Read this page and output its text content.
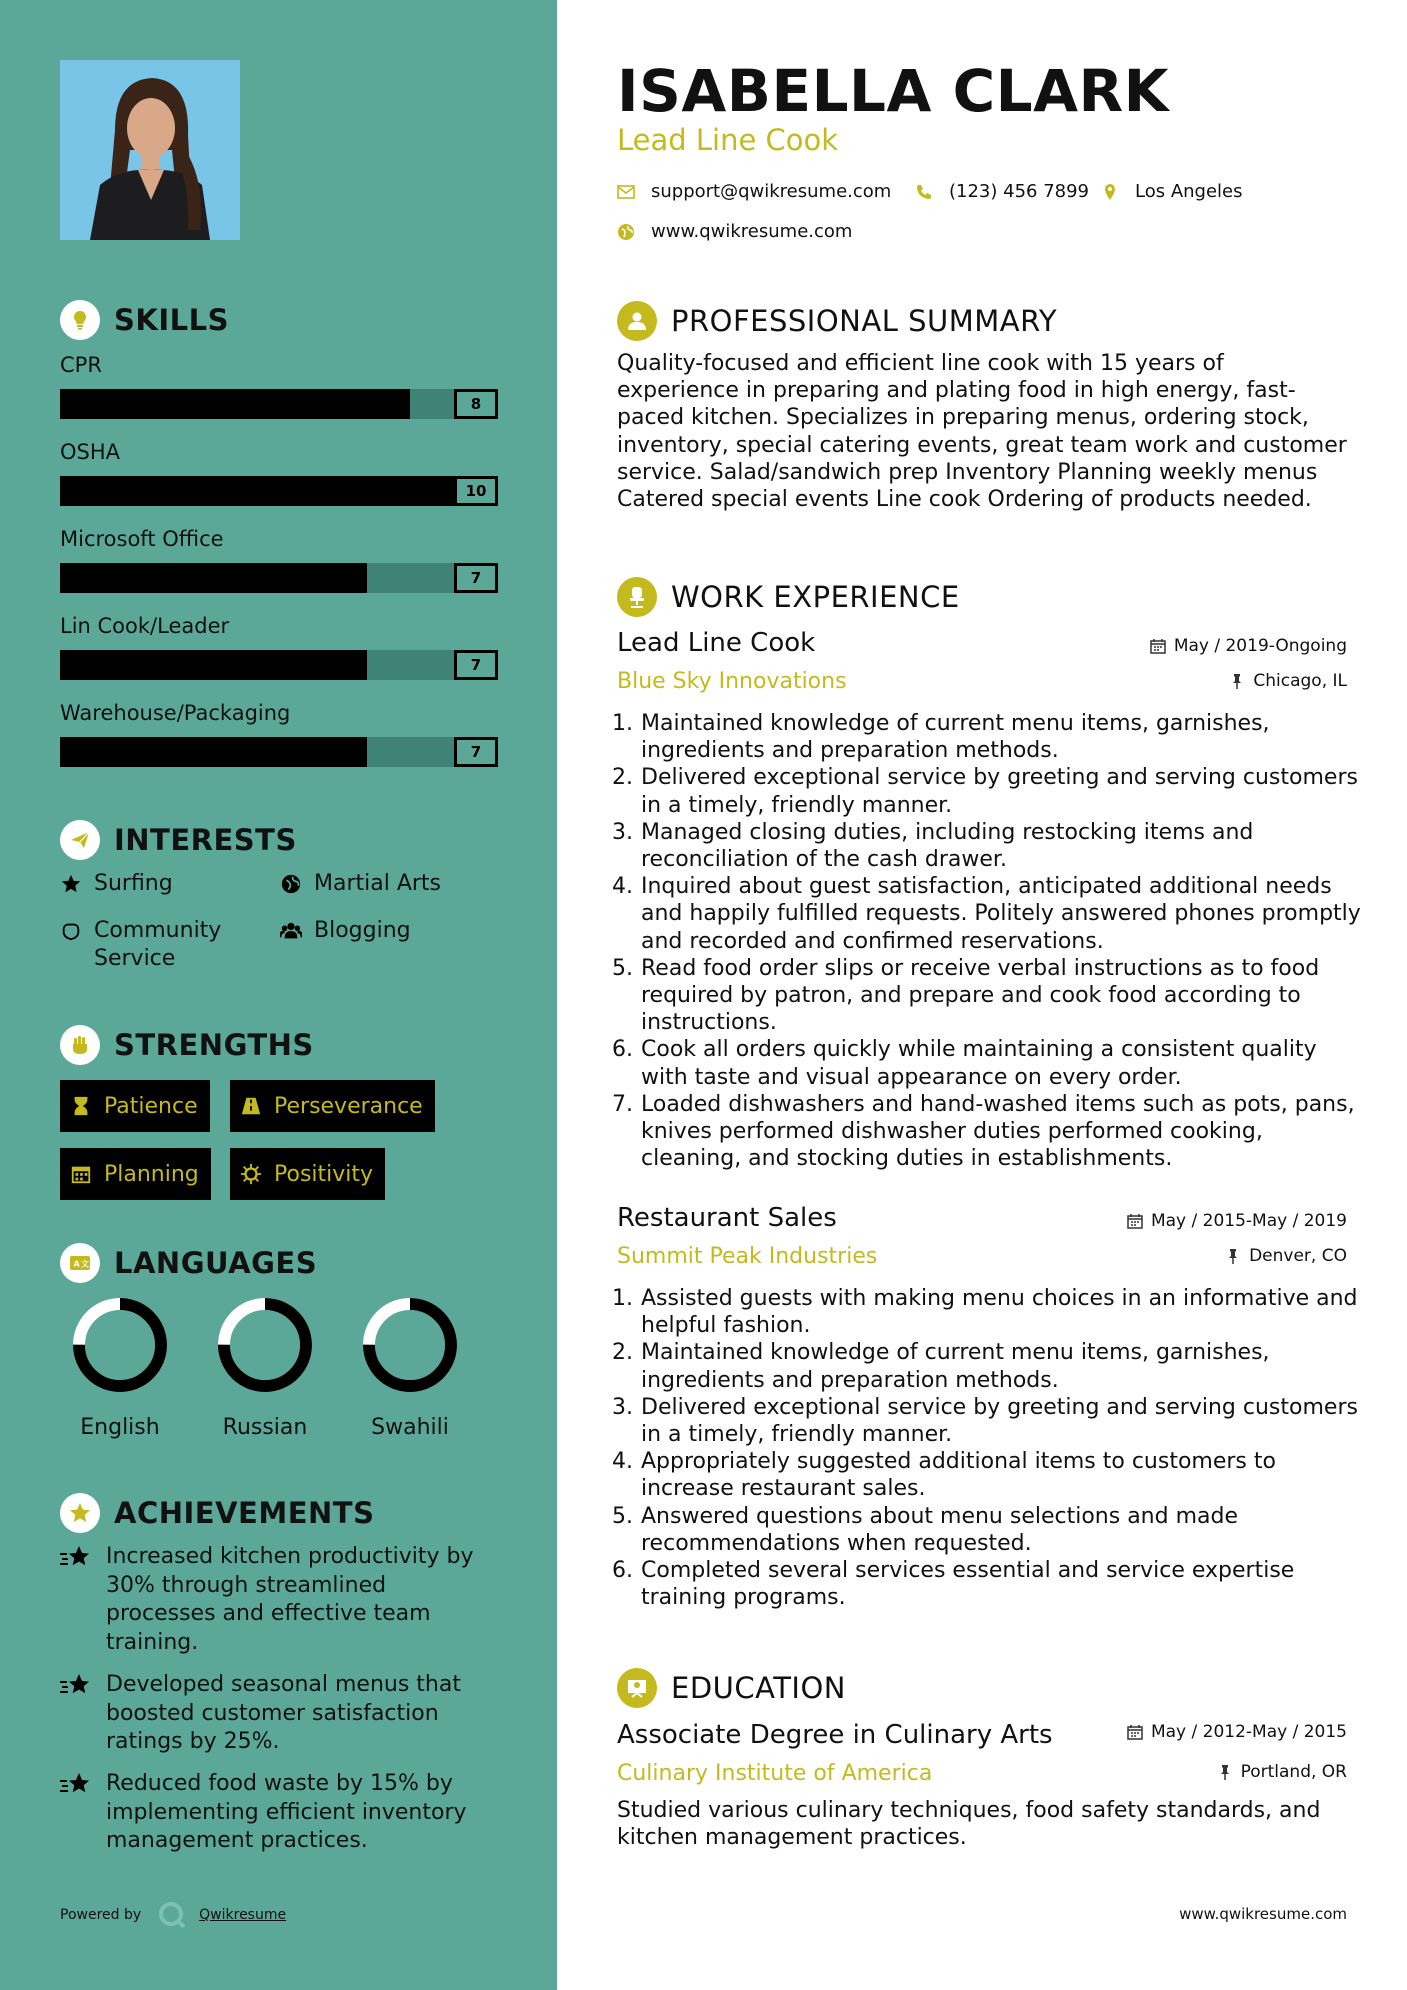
SKILLS
CPR
8
OSHA
10
Microsoft Office
7
Lin Cook/Leader
7
Warehouse/Packaging
7
INTERESTS
Surfing	Martial Arts
Community Service
Blogging
STRENGTHS
Patience	Perseverance
Planning	Positivity
A 文 LANGUAGES
English	Russian	Swahili
ACHIEVEMENTS
Increased kitchen productivity by 30% through streamlined processes and effective team training.
Developed seasonal menus that boosted customer satisfaction ratings by 25%.
Reduced food waste by 15% by implementing efficient inventory management practices.
Powered by	Qwikresume
ISABELLA CLARK
Lead Line Cook
support@qwikresume.com	(123) 456 7899	Los Angeles
www.qwikresume.com
PROFESSIONAL SUMMARY
Quality-focused and efficient line cook with 15 years of experience in preparing and plating food in high energy, fast-paced kitchen. Specializes in preparing menus, ordering stock, inventory, special catering events, great team work and customer service. Salad/sandwich prep Inventory Planning weekly menus Catered special events Line cook Ordering of products needed.
WORK EXPERIENCE
Lead Line Cook
Blue Sky Innovations
May / 2019-Ongoing
Chicago, IL
1. Maintained knowledge of current menu items, garnishes, ingredients and preparation methods.
2. Delivered exceptional service by greeting and serving customers in a timely, friendly manner.
3. Managed closing duties, including restocking items and reconciliation of the cash drawer.
4. Inquired about guest satisfaction, anticipated additional needs and happily fulfilled requests. Politely answered phones promptly and recorded and confirmed reservations.
5. Read food order slips or receive verbal instructions as to food required by patron, and prepare and cook food according to instructions.
6. Cook all orders quickly while maintaining a consistent quality with taste and visual appearance on every order.
7. Loaded dishwashers and hand-washed items such as pots, pans, knives performed dishwasher duties performed cooking, cleaning, and stocking duties in establishments.
Restaurant Sales
Summit Peak Industries
May / 2015-May / 2019
Denver, CO
1. Assisted guests with making menu choices in an informative and helpful fashion.
2. Maintained knowledge of current menu items, garnishes, ingredients and preparation methods.
3. Delivered exceptional service by greeting and serving customers in a timely, friendly manner.
4. Appropriately suggested additional items to customers to increase restaurant sales.
5. Answered questions about menu selections and made recommendations when requested.
6. Completed several services essential and service expertise training programs.
EDUCATION
Associate Degree in Culinary Arts
Culinary Institute of America
May / 2012-May / 2015
Portland, OR
Studied various culinary techniques, food safety standards, and kitchen management practices.
www.qwikresume.com
